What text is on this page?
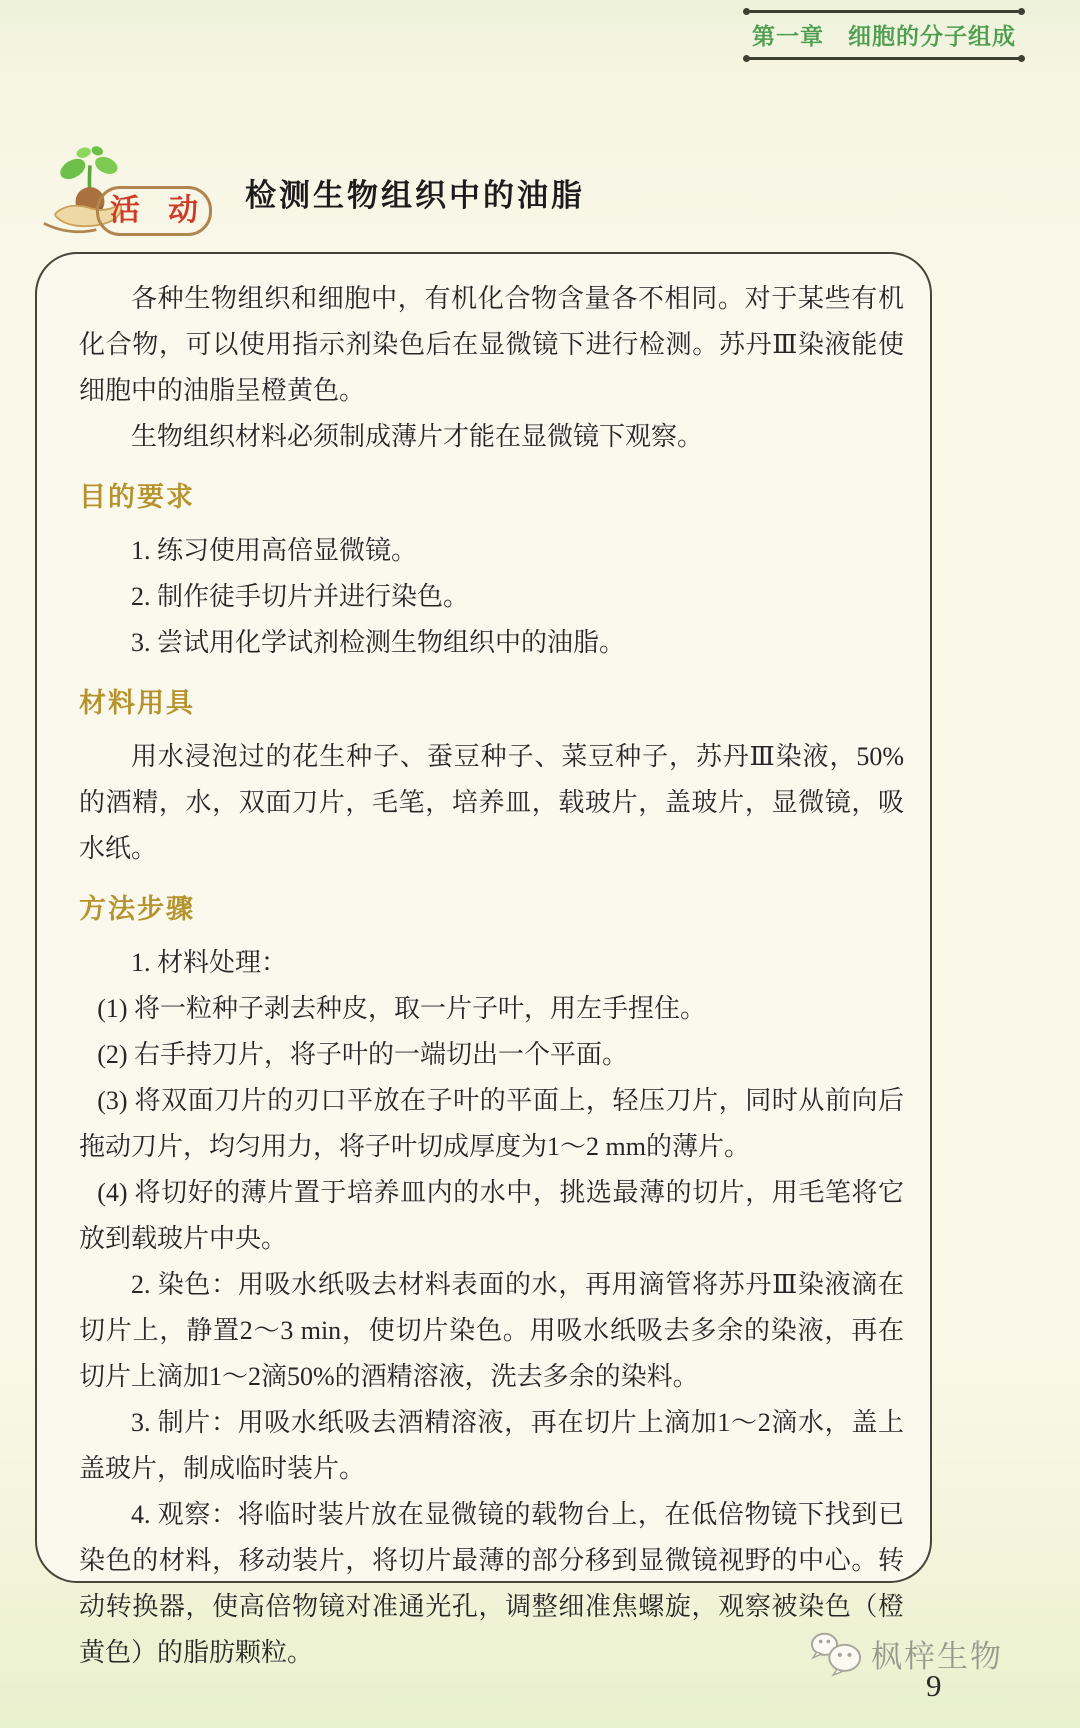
第一章　细胞的分子组成
活 动 检测生物组织中的油脂

各种生物组织和细胞中，有机化合物含量各不相同。对于某些有机化合物，可以使用指示剂染色后在显微镜下进行检测。苏丹Ⅲ染液能使细胞中的油脂呈橙黄色。

生物组织材料必须制成薄片才能在显微镜下观察。

目的要求

1. 练习使用高倍显微镜。

2. 制作徒手切片并进行染色。

3. 尝试用化学试剂检测生物组织中的油脂。

材料用具

用水浸泡过的花生种子、蚕豆种子、菜豆种子，苏丹Ⅲ染液，50%的酒精，水，双面刀片，毛笔，培养皿，载玻片，盖玻片，显微镜，吸水纸。

方法步骤

1. 材料处理：

(1) 将一粒种子剥去种皮，取一片子叶，用左手捏住。

(2) 右手持刀片，将子叶的一端切出一个平面。

(3) 将双面刀片的刃口平放在子叶的平面上，轻压刀片，同时从前向后拖动刀片，均匀用力，将子叶切成厚度为1～2 mm的薄片。

(4) 将切好的薄片置于培养皿内的水中，挑选最薄的切片，用毛笔将它放到载玻片中央。

2. 染色：用吸水纸吸去材料表面的水，再用滴管将苏丹Ⅲ染液滴在切片上，静置2～3 min，使切片染色。用吸水纸吸去多余的染液，再在切片上滴加1～2滴50%的酒精溶液，洗去多余的染料。

3. 制片：用吸水纸吸去酒精溶液，再在切片上滴加1～2滴水，盖上盖玻片，制成临时装片。

4. 观察：将临时装片放在显微镜的载物台上，在低倍物镜下找到已染色的材料，移动装片，将切片最薄的部分移到显微镜视野的中心。转动转换器，使高倍物镜对准通光孔，调整细准焦螺旋，观察被染色（橙黄色）的脂肪颗粒。	枫梓生物
9
